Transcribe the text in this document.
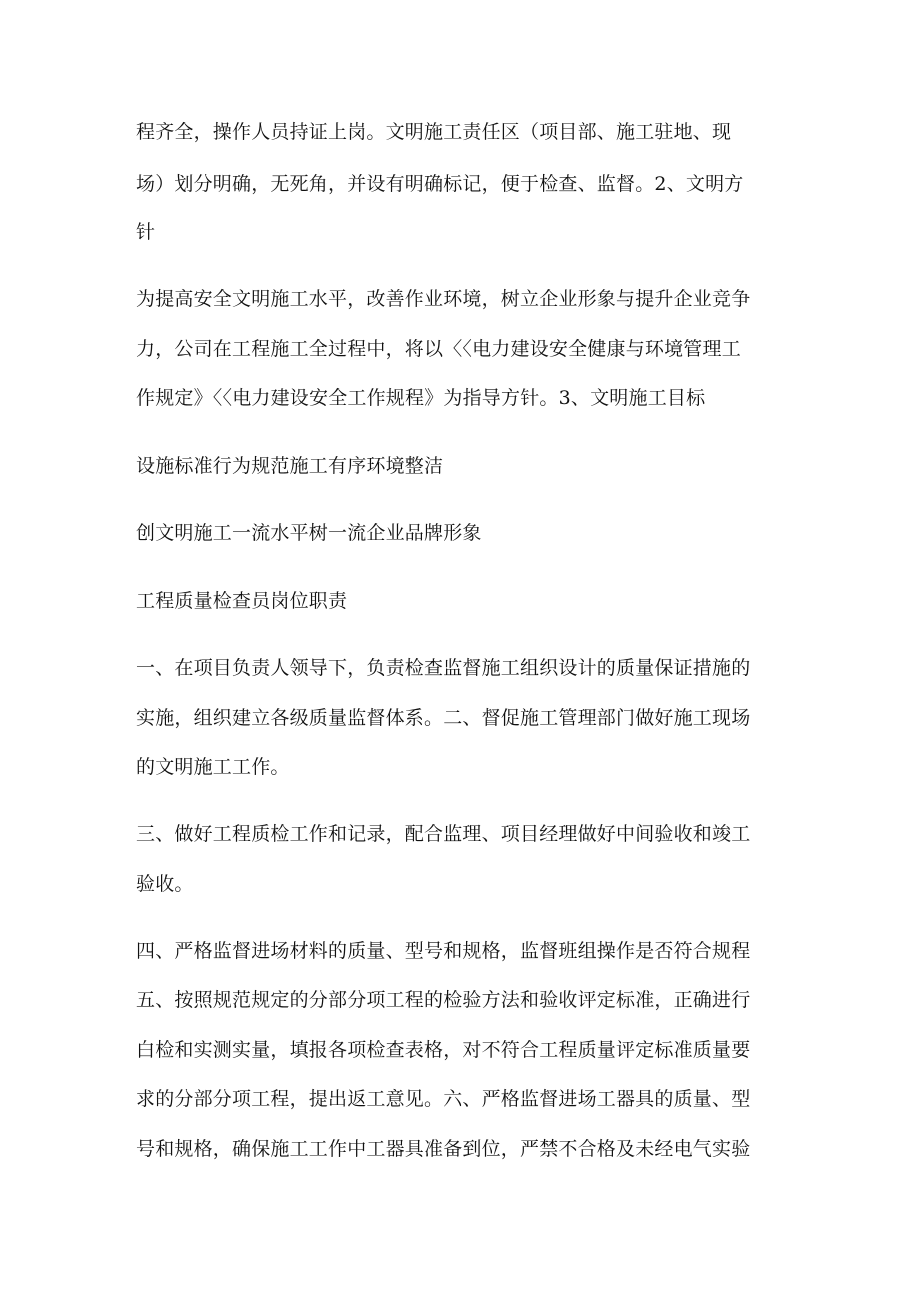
程齐全，操作人员持证上岗。文明施工责任区（项目部、施工驻地、现

场）划分明确，无死角，并设有明确标记，便于检查、监督。2、文明方

针

为提高安全文明施工水平，改善作业环境，树立企业形象与提升企业竞争

力，公司在工程施工全过程中，将以〈〈电力建设安全健康与环境管理工

作规定》〈〈电力建设安全工作规程》为指导方针。3、文明施工目标

设施标准行为规范施工有序环境整洁

创文明施工一流水平树一流企业品牌形象

工程质量检查员岗位职责

一、在项目负责人领导下，负责检查监督施工组织设计的质量保证措施的

实施，组织建立各级质量监督体系。二、督促施工管理部门做好施工现场

的文明施工工作。

三、做好工程质检工作和记录，配合监理、项目经理做好中间验收和竣工

验收。

四、严格监督进场材料的质量、型号和规格，监督班组操作是否符合规程

五、按照规范规定的分部分项工程的检验方法和验收评定标准，正确进行

白检和实测实量，填报各项检查表格，对不符合工程质量评定标准质量要

求的分部分项工程，提出返工意见。六、严格监督进场工器具的质量、型

号和规格，确保施工工作中工器具准备到位，严禁不合格及未经电气实验
